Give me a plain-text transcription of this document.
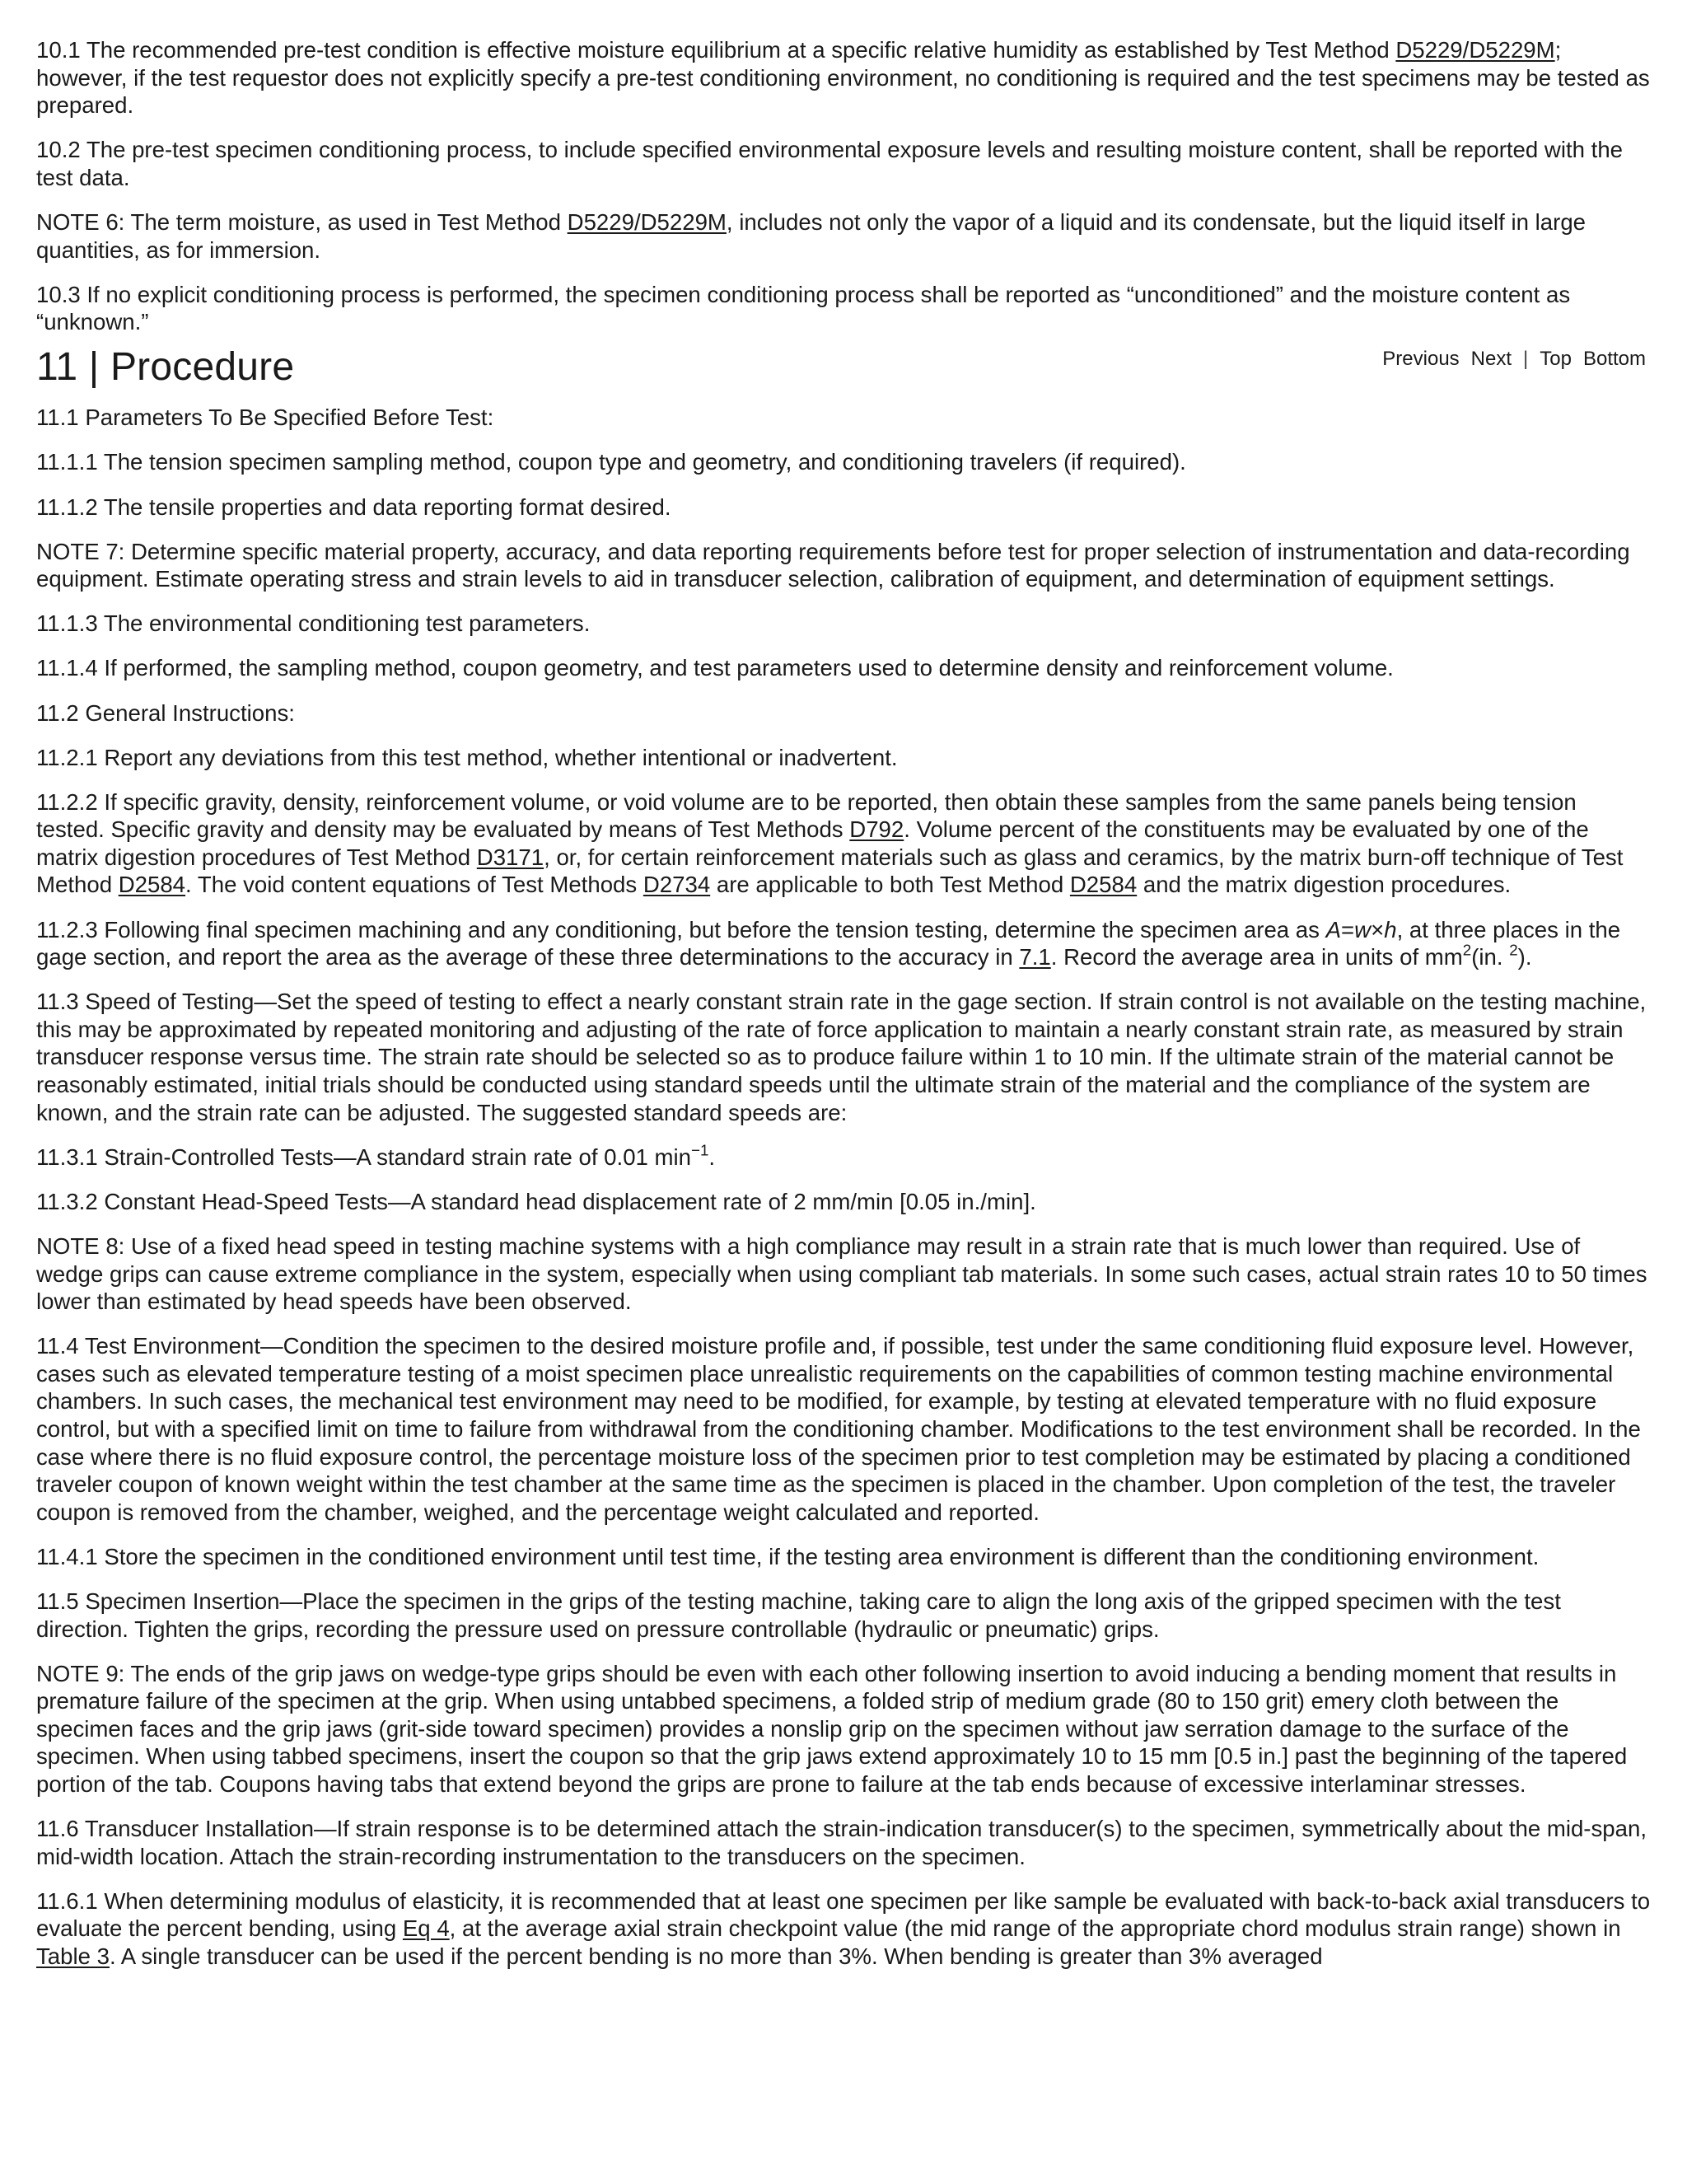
10.1 The recommended pre-test condition is effective moisture equilibrium at a specific relative humidity as established by Test Method D5229/D5229M; however, if the test requestor does not explicitly specify a pre-test conditioning environment, no conditioning is required and the test specimens may be tested as prepared.

10.2 The pre-test specimen conditioning process, to include specified environmental exposure levels and resulting moisture content, shall be reported with the test data.

NOTE 6: The term moisture, as used in Test Method D5229/D5229M, includes not only the vapor of a liquid and its condensate, but the liquid itself in large quantities, as for immersion.

10.3 If no explicit conditioning process is performed, the specimen conditioning process shall be reported as “unconditioned” and the moisture content as “unknown.”

11 | Procedure	Previous Next | Top Bottom

11.1 Parameters To Be Specified Before Test:

11.1.1 The tension specimen sampling method, coupon type and geometry, and conditioning travelers (if required).

11.1.2 The tensile properties and data reporting format desired.

NOTE 7: Determine specific material property, accuracy, and data reporting requirements before test for proper selection of instrumentation and data-recording equipment. Estimate operating stress and strain levels to aid in transducer selection, calibration of equipment, and determination of equipment settings.

11.1.3 The environmental conditioning test parameters.

11.1.4 If performed, the sampling method, coupon geometry, and test parameters used to determine density and reinforcement volume.

11.2 General Instructions:

11.2.1 Report any deviations from this test method, whether intentional or inadvertent.

11.2.2 If specific gravity, density, reinforcement volume, or void volume are to be reported, then obtain these samples from the same panels being tension tested. Specific gravity and density may be evaluated by means of Test Methods D792. Volume percent of the constituents may be evaluated by one of the matrix digestion procedures of Test Method D3171, or, for certain reinforcement materials such as glass and ceramics, by the matrix burn-off technique of Test Method D2584. The void content equations of Test Methods D2734 are applicable to both Test Method D2584 and the matrix digestion procedures.

11.2.3 Following final specimen machining and any conditioning, but before the tension testing, determine the specimen area as A=w×h, at three places in the gage section, and report the area as the average of these three determinations to the accuracy in 7.1. Record the average area in units of $mm^2(in$. $^2$).

11.3 Speed of Testing—Set the speed of testing to effect a nearly constant strain rate in the gage section. If strain control is not available on the testing machine, this may be approximated by repeated monitoring and adjusting of the rate of force application to maintain a nearly constant strain rate, as measured by strain transducer response versus time. The strain rate should be selected so as to produce failure within 1 to 10 min. If the ultimate strain of the material cannot be reasonably estimated, initial trials should be conducted using standard speeds until the ultimate strain of the material and the compliance of the system are known, and the strain rate can be adjusted. The suggested standard speeds are:

11.3.1 Strain-Controlled Tests—A standard strain rate of 0.01 $\min^{-1}$.

11.3.2 Constant Head-Speed Tests—A standard head displacement rate of 2 mm/min [0.05 in./min].

NOTE 8: Use of a fixed head speed in testing machine systems with a high compliance may result in a strain rate that is much lower than required. Use of wedge grips can cause extreme compliance in the system, especially when using compliant tab materials. In some such cases, actual strain rates 10 to 50 times lower than estimated by head speeds have been observed.

11.4 Test Environment—Condition the specimen to the desired moisture profile and, if possible, test under the same conditioning fluid exposure level. However, cases such as elevated temperature testing of a moist specimen place unrealistic requirements on the capabilities of common testing machine environmental chambers. In such cases, the mechanical test environment may need to be modified, for example, by testing at elevated temperature with no fluid exposure control, but with a specified limit on time to failure from withdrawal from the conditioning chamber. Modifications to the test environment shall be recorded. In the case where there is no fluid exposure control, the percentage moisture loss of the specimen prior to test completion may be estimated by placing a conditioned traveler coupon of known weight within the test chamber at the same time as the specimen is placed in the chamber. Upon completion of the test, the traveler coupon is removed from the chamber, weighed, and the percentage weight calculated and reported.

11.4.1 Store the specimen in the conditioned environment until test time, if the testing area environment is different than the conditioning environment.

11.5 Specimen Insertion—Place the specimen in the grips of the testing machine, taking care to align the long axis of the gripped specimen with the test direction. Tighten the grips, recording the pressure used on pressure controllable (hydraulic or pneumatic) grips.

NOTE 9: The ends of the grip jaws on wedge-type grips should be even with each other following insertion to avoid inducing a bending moment that results in premature failure of the specimen at the grip. When using untabbed specimens, a folded strip of medium grade (80 to 150 grit) emery cloth between the specimen faces and the grip jaws (grit-side toward specimen) provides a nonslip grip on the specimen without jaw serration damage to the surface of the specimen. When using tabbed specimens, insert the coupon so that the grip jaws extend approximately 10 to 15 mm [0.5 in.] past the beginning of the tapered portion of the tab. Coupons having tabs that extend beyond the grips are prone to failure at the tab ends because of excessive interlaminar stresses.

11.6 Transducer Installation—If strain response is to be determined attach the strain-indication transducer(s) to the specimen, symmetrically about the mid-span, mid-width location. Attach the strain-recording instrumentation to the transducers on the specimen.

11.6.1 When determining modulus of elasticity, it is recommended that at least one specimen per like sample be evaluated with back-to-back axial transducers to evaluate the percent bending, using Eq 4, at the average axial strain checkpoint value (the mid range of the appropriate chord modulus strain range) shown in Table 3. A single transducer can be used if the percent bending is no more than 3%. When bending is greater than 3% averaged
